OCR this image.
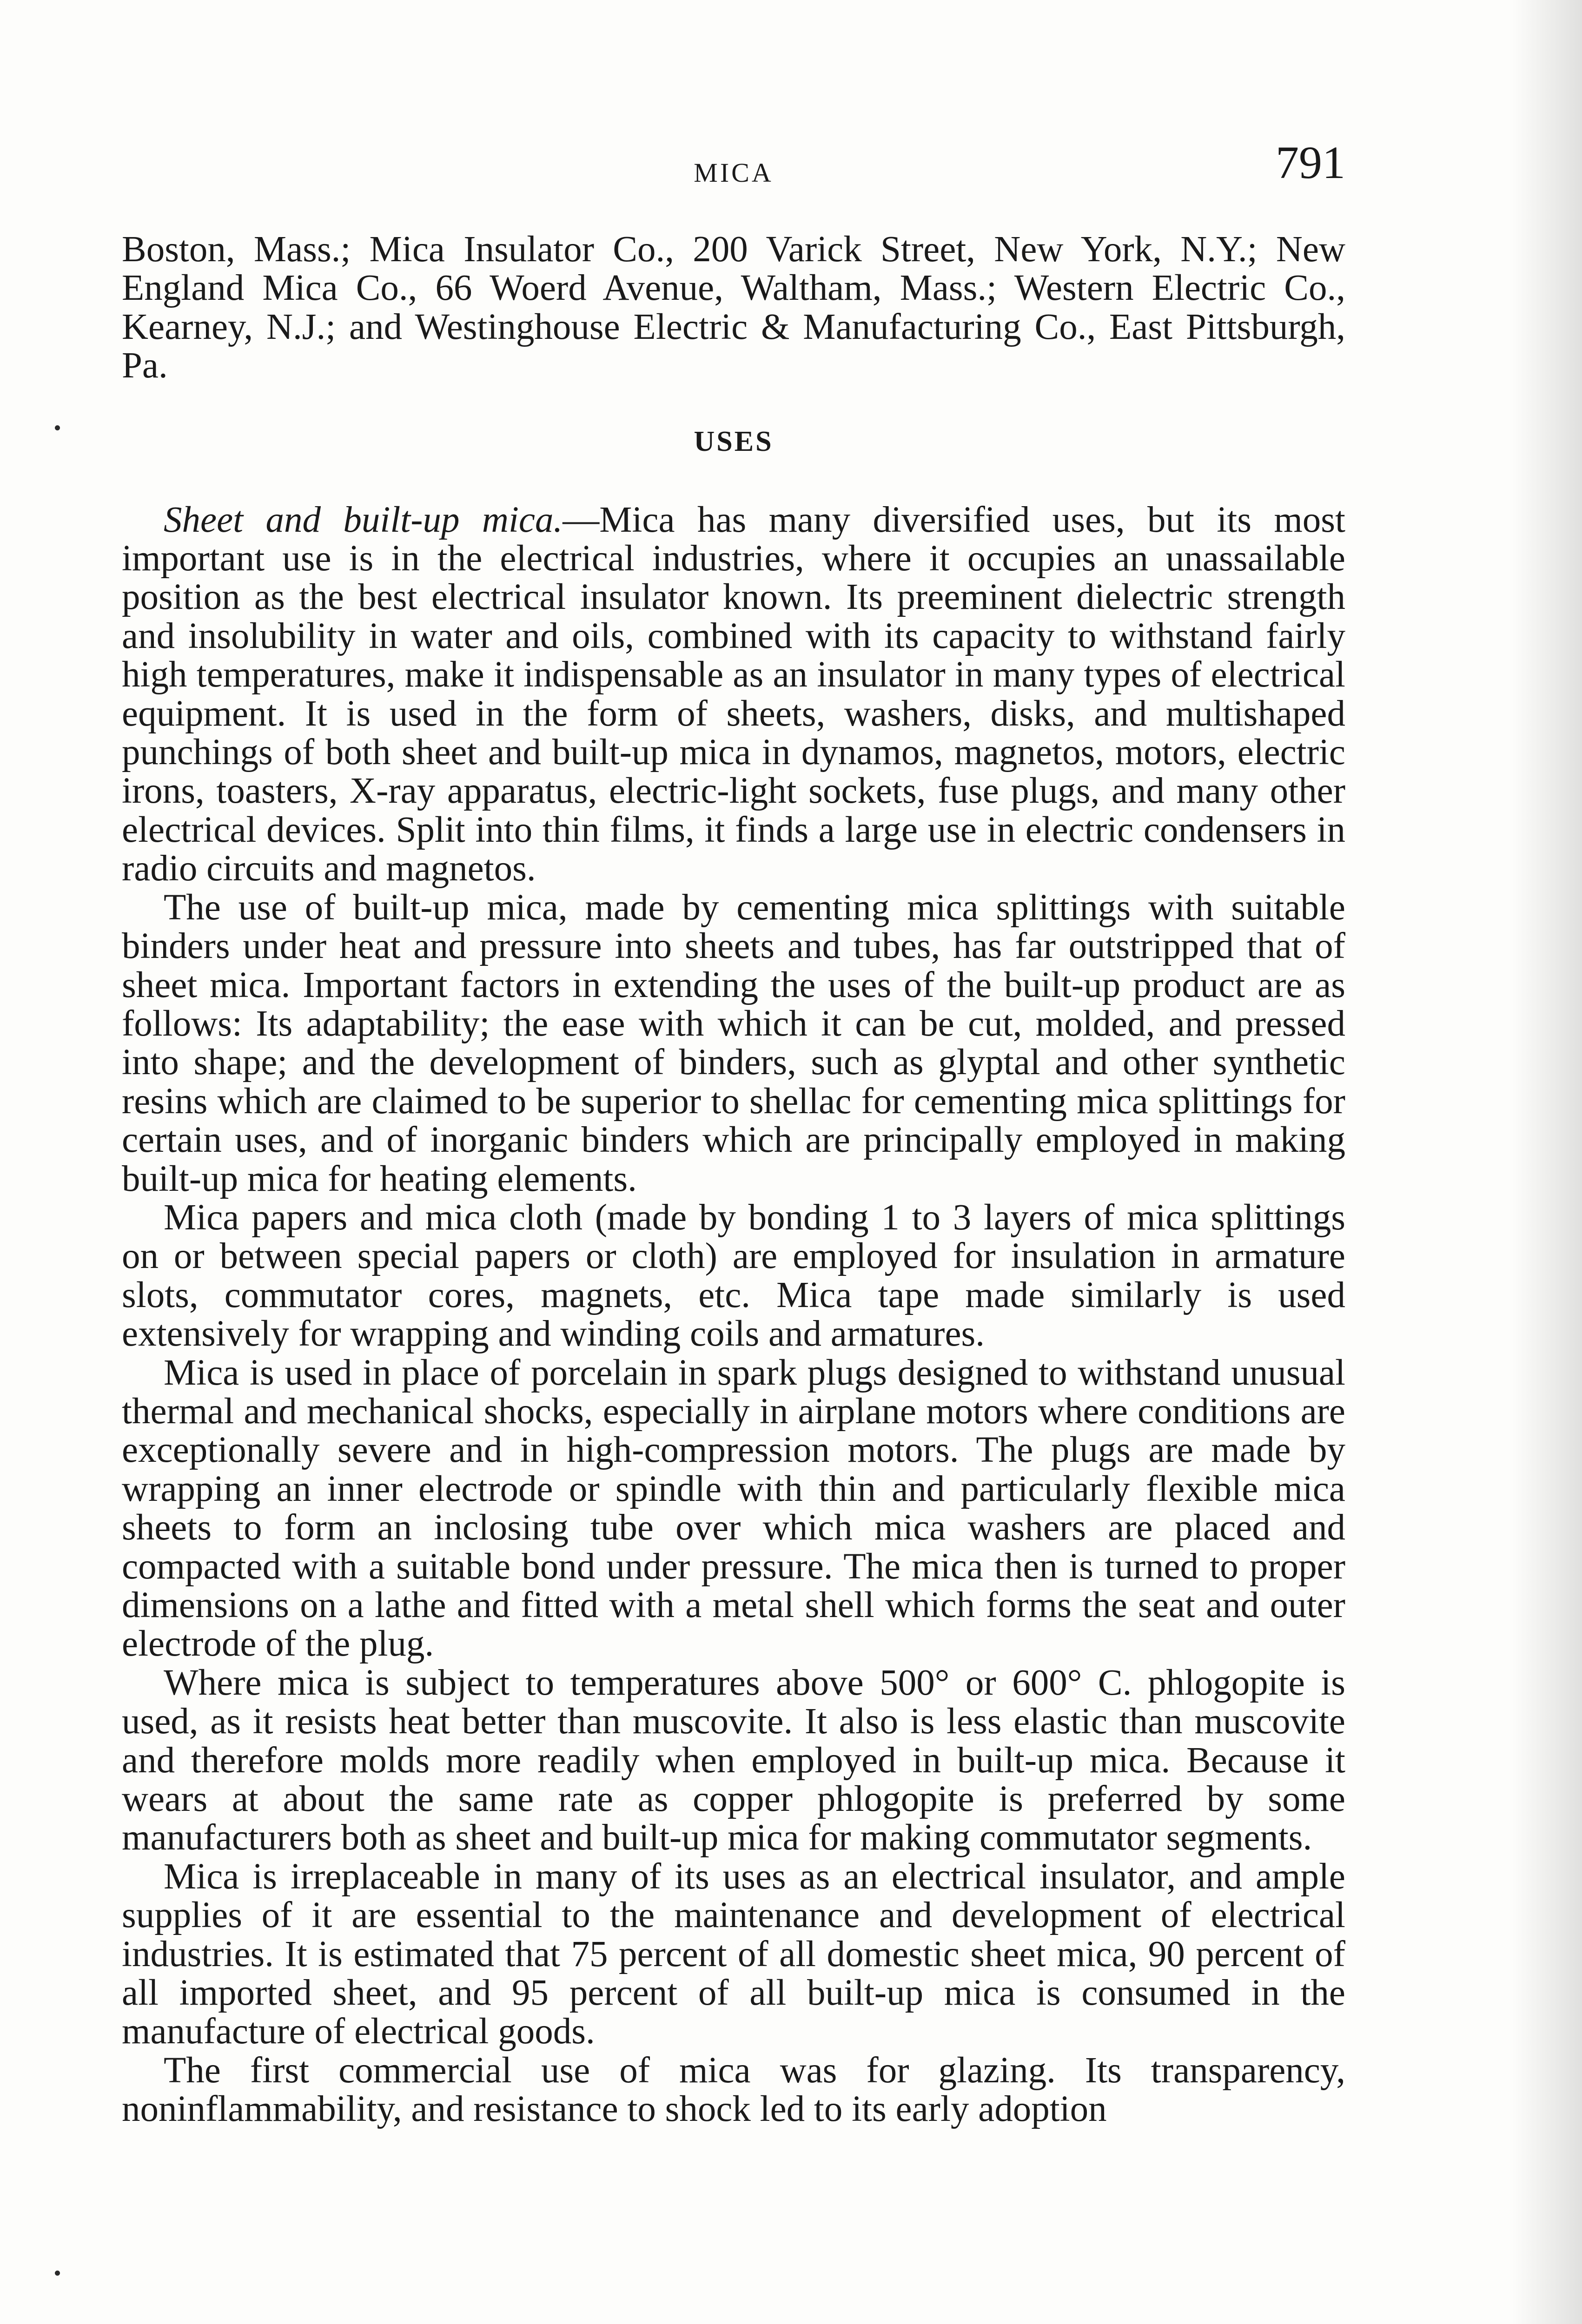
MICA	791

Boston, Mass.; Mica Insulator Co., 200 Varick Street, New York, N.Y.; New England Mica Co., 66 Woerd Avenue, Waltham, Mass.; Western Electric Co., Kearney, N.J.; and Westinghouse Electric & Manufacturing Co., East Pittsburgh, Pa.

USES

Sheet and built-up mica.—Mica has many diversified uses, but its most important use is in the electrical industries, where it occupies an unassailable position as the best electrical insulator known. Its preeminent dielectric strength and insolubility in water and oils, combined with its capacity to withstand fairly high temperatures, make it indispensable as an insulator in many types of electrical equipment. It is used in the form of sheets, washers, disks, and multishaped punchings of both sheet and built-up mica in dynamos, magnetos, motors, electric irons, toasters, X-ray apparatus, electric-light sockets, fuse plugs, and many other electrical devices. Split into thin films, it finds a large use in electric condensers in radio circuits and magnetos.

The use of built-up mica, made by cementing mica splittings with suitable binders under heat and pressure into sheets and tubes, has far outstripped that of sheet mica. Important factors in extending the uses of the built-up product are as follows: Its adaptability; the ease with which it can be cut, molded, and pressed into shape; and the development of binders, such as glyptal and other synthetic resins which are claimed to be superior to shellac for cementing mica splittings for certain uses, and of inorganic binders which are principally employed in making built-up mica for heating elements.

Mica papers and mica cloth (made by bonding 1 to 3 layers of mica splittings on or between special papers or cloth) are employed for insulation in armature slots, commutator cores, magnets, etc. Mica tape made similarly is used extensively for wrapping and winding coils and armatures.

Mica is used in place of porcelain in spark plugs designed to withstand unusual thermal and mechanical shocks, especially in airplane motors where conditions are exceptionally severe and in high-compression motors. The plugs are made by wrapping an inner electrode or spindle with thin and particularly flexible mica sheets to form an inclosing tube over which mica washers are placed and compacted with a suitable bond under pressure. The mica then is turned to proper dimensions on a lathe and fitted with a metal shell which forms the seat and outer electrode of the plug.

Where mica is subject to temperatures above 500° or 600° C. phlogopite is used, as it resists heat better than muscovite. It also is less elastic than muscovite and therefore molds more readily when employed in built-up mica. Because it wears at about the same rate as copper phlogopite is preferred by some manufacturers both as sheet and built-up mica for making commutator segments.

Mica is irreplaceable in many of its uses as an electrical insulator, and ample supplies of it are essential to the maintenance and development of electrical industries. It is estimated that 75 percent of all domestic sheet mica, 90 percent of all imported sheet, and 95 percent of all built-up mica is consumed in the manufacture of electrical goods.

The first commercial use of mica was for glazing. Its transparency, noninflammability, and resistance to shock led to its early adoption
